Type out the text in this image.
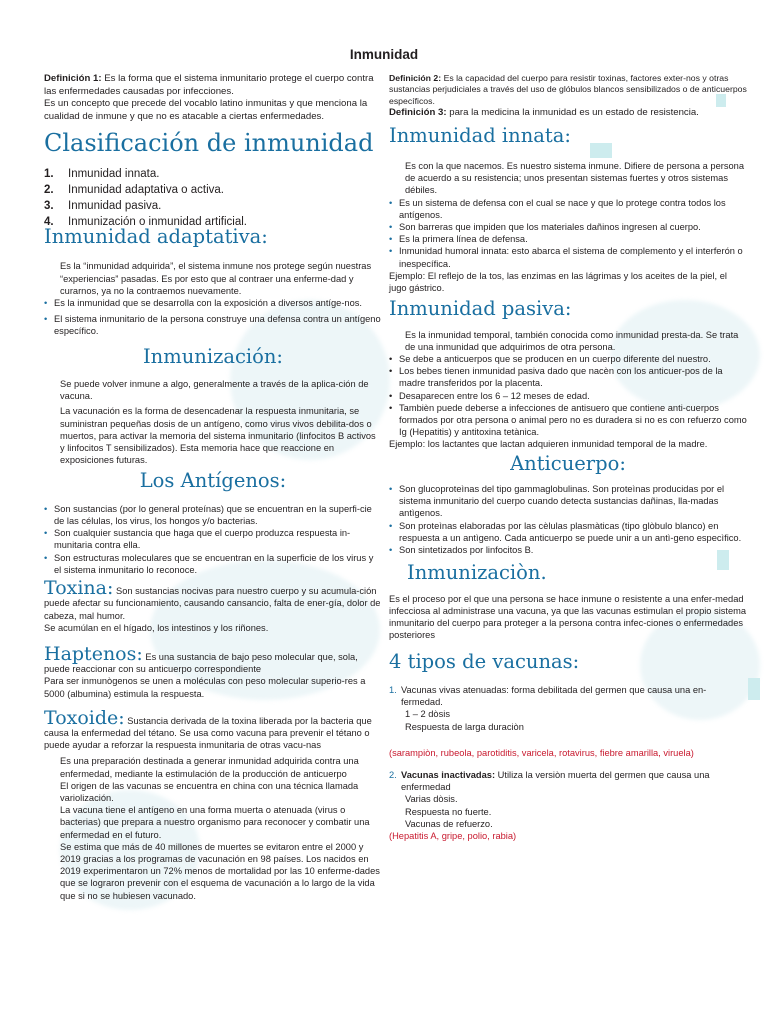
Inmunidad

Definición 1: Es la forma que el sistema inmunitario protege el cuerpo contra las enfermedades causadas por infecciones.

Es un concepto que precede del vocablo latino inmunitas y que menciona la cualidad de inmune y que no es atacable a ciertas enfermedades.

Clasificación de inmunidad
1.	Inmunidad innata.
2.	Inmunidad adaptativa o activa.
3.	Inmunidad pasiva.
4.	Inmunización o inmunidad artificial.
Inmunidad adaptativa:

Es la “inmunidad adquirida”, el sistema inmune nos protege según nuestras “experiencias” pasadas. Es por esto que al contraer una enferme-dad y curarnos, ya no la contraemos nuevamente.

• Es la inmunidad que se desarrolla con la exposición a diversos antíge-nos.
• El sistema inmunitario de la persona construye una defensa contra un antígeno específico.
Inmunización:

Se puede volver inmune a algo, generalmente a través de la aplica-ción de vacuna.

La vacunación es la forma de desencadenar la respuesta inmunitaria, se suministran pequeñas dosis de un antígeno, como virus vivos debilita-dos o muertos, para activar la memoria del sistema inmunitario (linfocitos B activos y linfocitos T sensibilizados). Esta memoria hace que reaccione en exposiciones futuras.

Los Antígenos:
• Son sustancias (por lo general proteínas) que se encuentran en la superfi-cie de las células, los virus, los hongos y/o bacterias.
• Son cualquier sustancia que haga que el cuerpo produzca respuesta in-munitaria contra ella.
• Son estructuras moleculares que se encuentran en la superficie de los virus y el sistema inmunitario lo reconoce.

Toxina: Son sustancias nocivas para nuestro cuerpo y su acumula-ción puede afectar su funcionamiento, causando cansancio, falta de ener-gía, dolor de cabeza, mal humor.

Se acumúlan en el hígado, los intestinos y los riñones.

Haptenos: Es una sustancia de bajo peso molecular que, sola, puede reaccionar con su anticuerpo correspondiente

Para ser inmunògenos se unen a moléculas con peso molecular superio-res a 5000 (albumina) estimula la respuesta.

Toxoide: Sustancia derivada de la toxina liberada por la bacteria que causa la enfermedad del tétano. Se usa como vacuna para prevenir el tétano o puede ayudar a reforzar la respuesta inmunitaria de otras vacu-nas

Es una preparación destinada a generar inmunidad adquirida contra una enfermedad, mediante la estimulación de la producción de anticuerpo

El origen de las vacunas se encuentra en china con una técnica llamada variolización.

La vacuna tiene el antígeno en una forma muerta o atenuada (virus o bacterias) que prepara a nuestro organismo para reconocer y combatir una enfermedad en el futuro.

Se estima que más de 40 millones de muertes se evitaron entre el 2000 y 2019 gracias a los programas de vacunación en 98 países. Los nacidos en 2019 experimentaron un 72% menos de mortalidad por las 10 enferme-dades que se lograron prevenir con el esquema de vacunación a lo largo de la vida que si no se hubiesen vacunado.

Definición 2: Es la capacidad del cuerpo para resistir toxinas, factores exter-nos y otras sustancias perjudiciales a través del uso de glóbulos blancos sensibilizados o de anticuerpos específicos.

Definición 3: para la medicina la inmunidad es un estado de resistencia.

Inmunidad innata:

Es con la que nacemos. Es nuestro sistema inmune. Difiere de persona a persona de acuerdo a su resistencia; unos presentan sistemas fuertes y otros sistemas débiles.

• Es un sistema de defensa con el cual se nace y que lo protege contra todos los antígenos.
• Son barreras que impiden que los materiales dañinos ingresen al cuerpo.
• Es la primera línea de defensa.
• Inmunidad humoral innata: esto abarca el sistema de complemento y el interferón o inespecífica.

Ejemplo: El reflejo de la tos, las enzimas en las lágrimas y los aceites de la piel, el jugo gástrico.

Inmunidad pasiva:

Es la inmunidad temporal, también conocida como inmunidad presta-da. Se trata de una inmunidad que adquirimos de otra persona.

• Se debe a anticuerpos que se producen en un cuerpo diferente del nuestro.
• Los bebes tienen inmunidad pasiva dado que nacèn con los anticuer-pos de la madre transferidos por la placenta.
• Desaparecen entre los 6 – 12 meses de edad.
• Tambièn puede deberse a infecciones de antisuero que contiene anti-cuerpos formados por otra persona o animal pero no es duradera si no es con refuerzo como Ig (Hepatitis) y antitoxina tetànica.

Ejemplo: los lactantes que lactan adquieren inmunidad temporal de la madre.

Anticuerpo:
• Son glucoproteìnas del tipo gammaglobulinas. Son proteìnas producidas por el sistema inmunitario del cuerpo cuando detecta sustancias dañinas, lla-madas antìgenos.
• Son proteìnas elaboradas por las cèlulas plasmàticas (tipo glòbulo blanco) en respuesta a un antìgeno. Cada anticuerpo se puede unir a un antì-geno especìfico.
• Son sintetizados por linfocitos B.
Inmunizaciòn.

Es el proceso por el que una persona se hace inmune o resistente a una enfer-medad infecciosa al administrase una vacuna, ya que las vacunas estimulan el propio sistema inmunitario del cuerpo para proteger a la persona contra infec-ciones o enfermedades posteriores

4 tipos de vacunas:
1. Vacunas vivas atenuadas: forma debilitada del germen que causa una en-fermedad.

1 – 2 dòsis

Respuesta de larga duraciòn

(sarampiòn, rubeola, parotiditis, varicela, rotavirus, fiebre amarilla, viruela)

2. Vacunas inactivadas: Utiliza la versiòn muerta del germen que causa una enfermedad

Varias dòsis.

Respuesta no fuerte.

Vacunas de refuerzo.

(Hepatitis A, gripe, polio, rabia)
